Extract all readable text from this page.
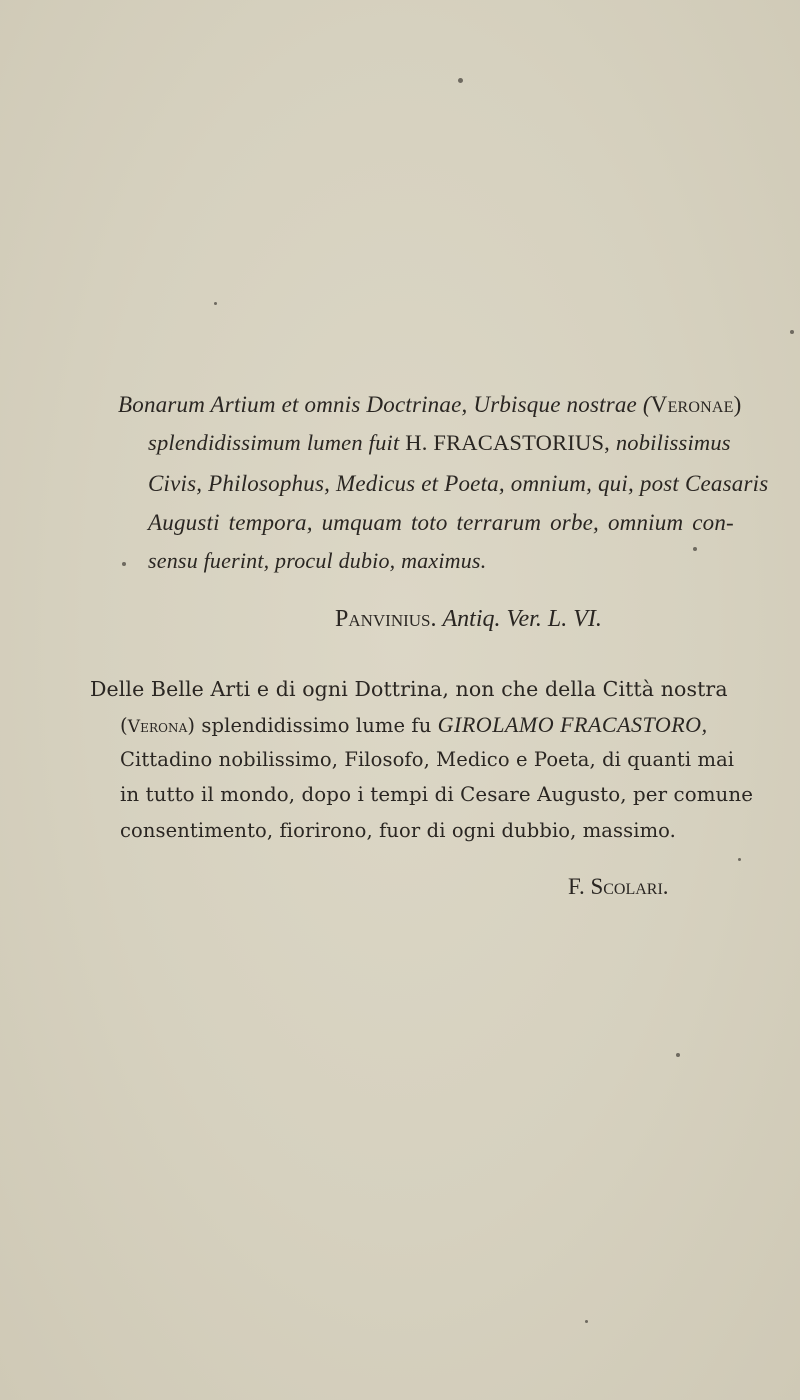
Bonarum Artium et omnis Doctrinae, Urbisque nostrae (Veronae)
splendidissimum lumen fuit H. FRACASTORIUS, nobilissimus
Civis, Philosophus, Medicus et Poeta, omnium, qui, post Ceasaris
Augusti tempora, umquam toto terrarum orbe, omnium con-
sensu fuerint, procul dubio, maximus.
Panvinius. Antiq. Ver. L. VI.
Delle Belle Arti e di ogni Dottrina, non che della Città nostra
(Verona) splendidissimo lume fu GIROLAMO FRACASTORO,
Cittadino nobilissimo, Filosofo, Medico e Poeta, di quanti mai
in tutto il mondo, dopo i tempi di Cesare Augusto, per comune
consentimento, fiorirono, fuor di ogni dubbio, massimo.
F. Scolari.
